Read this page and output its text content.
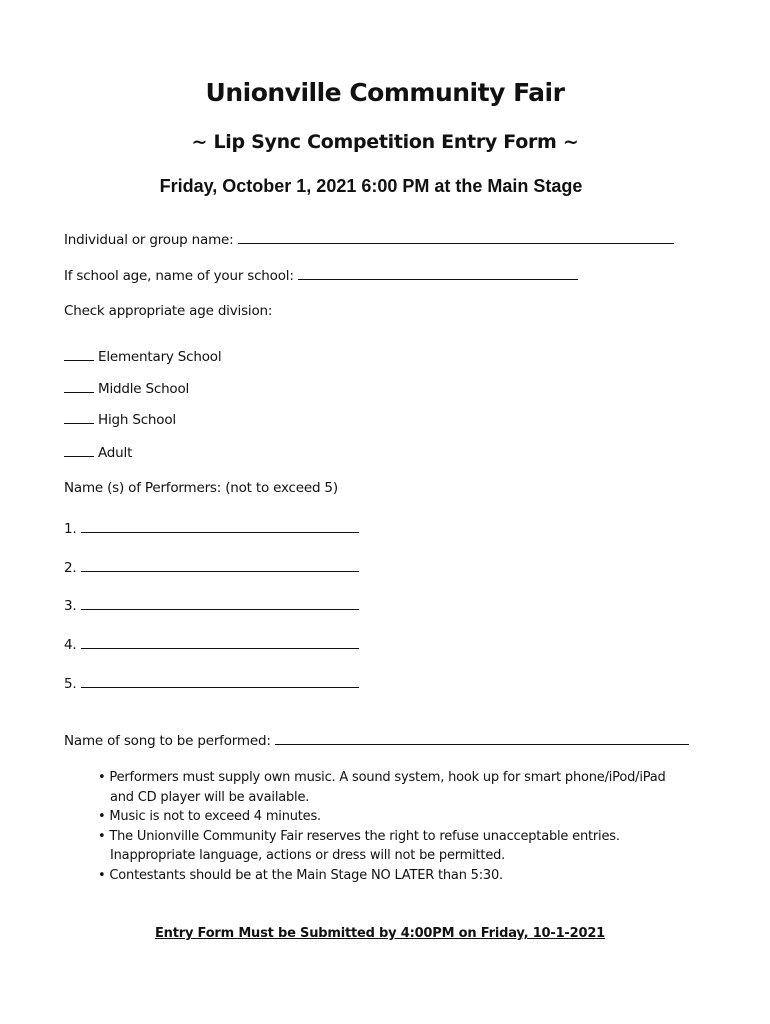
Unionville Community Fair
~ Lip Sync Competition Entry Form ~
Friday, October 1, 2021 6:00 PM at the Main Stage
Individual or group name:
If school age, name of your school:
Check appropriate age division:
Elementary School
Middle School
High School
Adult
Name (s) of Performers: (not to exceed 5)
1.
2.
3.
4.
5.
Name of song to be performed:
• Performers must supply own music. A sound system, hook up for smart phone/iPod/iPad and CD player will be available.
• Music is not to exceed 4 minutes.
• The Unionville Community Fair reserves the right to refuse unacceptable entries. Inappropriate language, actions or dress will not be permitted.
• Contestants should be at the Main Stage NO LATER than 5:30.
Entry Form Must be Submitted by 4:00PM on Friday, 10-1-2021
